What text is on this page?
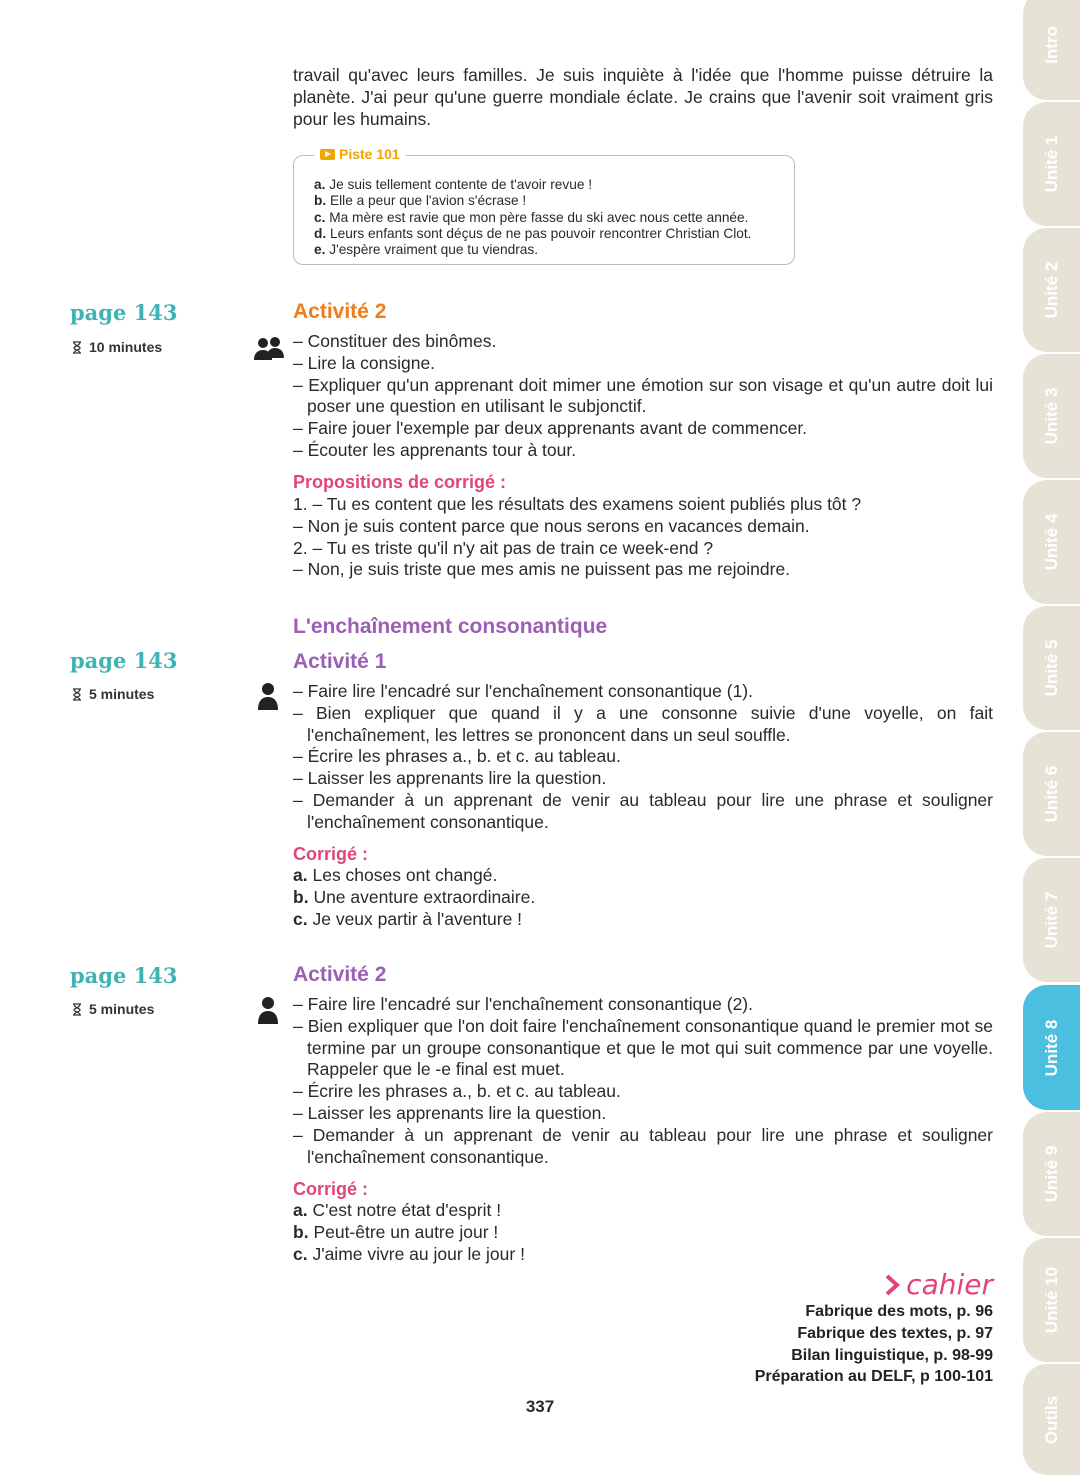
travail qu'avec leurs familles. Je suis inquiète à l'idée que l'homme puisse détruire la planète. J'ai peur qu'une guerre mondiale éclate. Je crains que l'avenir soit vraiment gris pour les humains.
Piste 101
a. Je suis tellement contente de t'avoir revue !
b. Elle a peur que l'avion s'écrase !
c. Ma mère est ravie que mon père fasse du ski avec nous cette année.
d. Leurs enfants sont déçus de ne pas pouvoir rencontrer Christian Clot.
e. J'espère vraiment que tu viendras.
page 143
10 minutes
Activité 2
– Constituer des binômes.
– Lire la consigne.
– Expliquer qu'un apprenant doit mimer une émotion sur son visage et qu'un autre doit lui poser une question en utilisant le subjonctif.
– Faire jouer l'exemple par deux apprenants avant de commencer.
– Écouter les apprenants tour à tour.
Propositions de corrigé :
1. – Tu es content que les résultats des examens soient publiés plus tôt ?
– Non je suis content parce que nous serons en vacances demain.
2. – Tu es triste qu'il n'y ait pas de train ce week-end ?
– Non, je suis triste que mes amis ne puissent pas me rejoindre.
L'enchaînement consonantique
page 143
5 minutes
Activité 1
– Faire lire l'encadré sur l'enchaînement consonantique (1).
– Bien expliquer que quand il y a une consonne suivie d'une voyelle, on fait l'enchaînement, les lettres se prononcent dans un seul souffle.
– Écrire les phrases a., b. et c. au tableau.
– Laisser les apprenants lire la question.
– Demander à un apprenant de venir au tableau pour lire une phrase et souligner l'enchaînement consonantique.
Corrigé :
a. Les choses ont changé.
b. Une aventure extraordinaire.
c. Je veux partir à l'aventure !
page 143
5 minutes
Activité 2
– Faire lire l'encadré sur l'enchaînement consonantique (2).
– Bien expliquer que l'on doit faire l'enchaînement consonantique quand le premier mot se termine par un groupe consonantique et que le mot qui suit commence par une voyelle. Rappeler que le -e final est muet.
– Écrire les phrases a., b. et c. au tableau.
– Laisser les apprenants lire la question.
– Demander à un apprenant de venir au tableau pour lire une phrase et souligner l'enchaînement consonantique.
Corrigé :
a. C'est notre état d'esprit !
b. Peut-être un autre jour !
c. J'aime vivre au jour le jour !
cahier
Fabrique des mots, p. 96
Fabrique des textes, p. 97
Bilan linguistique, p. 98-99
Préparation au DELF, p 100-101
337
Intro
Unité 1
Unité 2
Unité 3
Unité 4
Unité 5
Unité 6
Unité 7
Unité 8
Unité 9
Unité 10
Outils
